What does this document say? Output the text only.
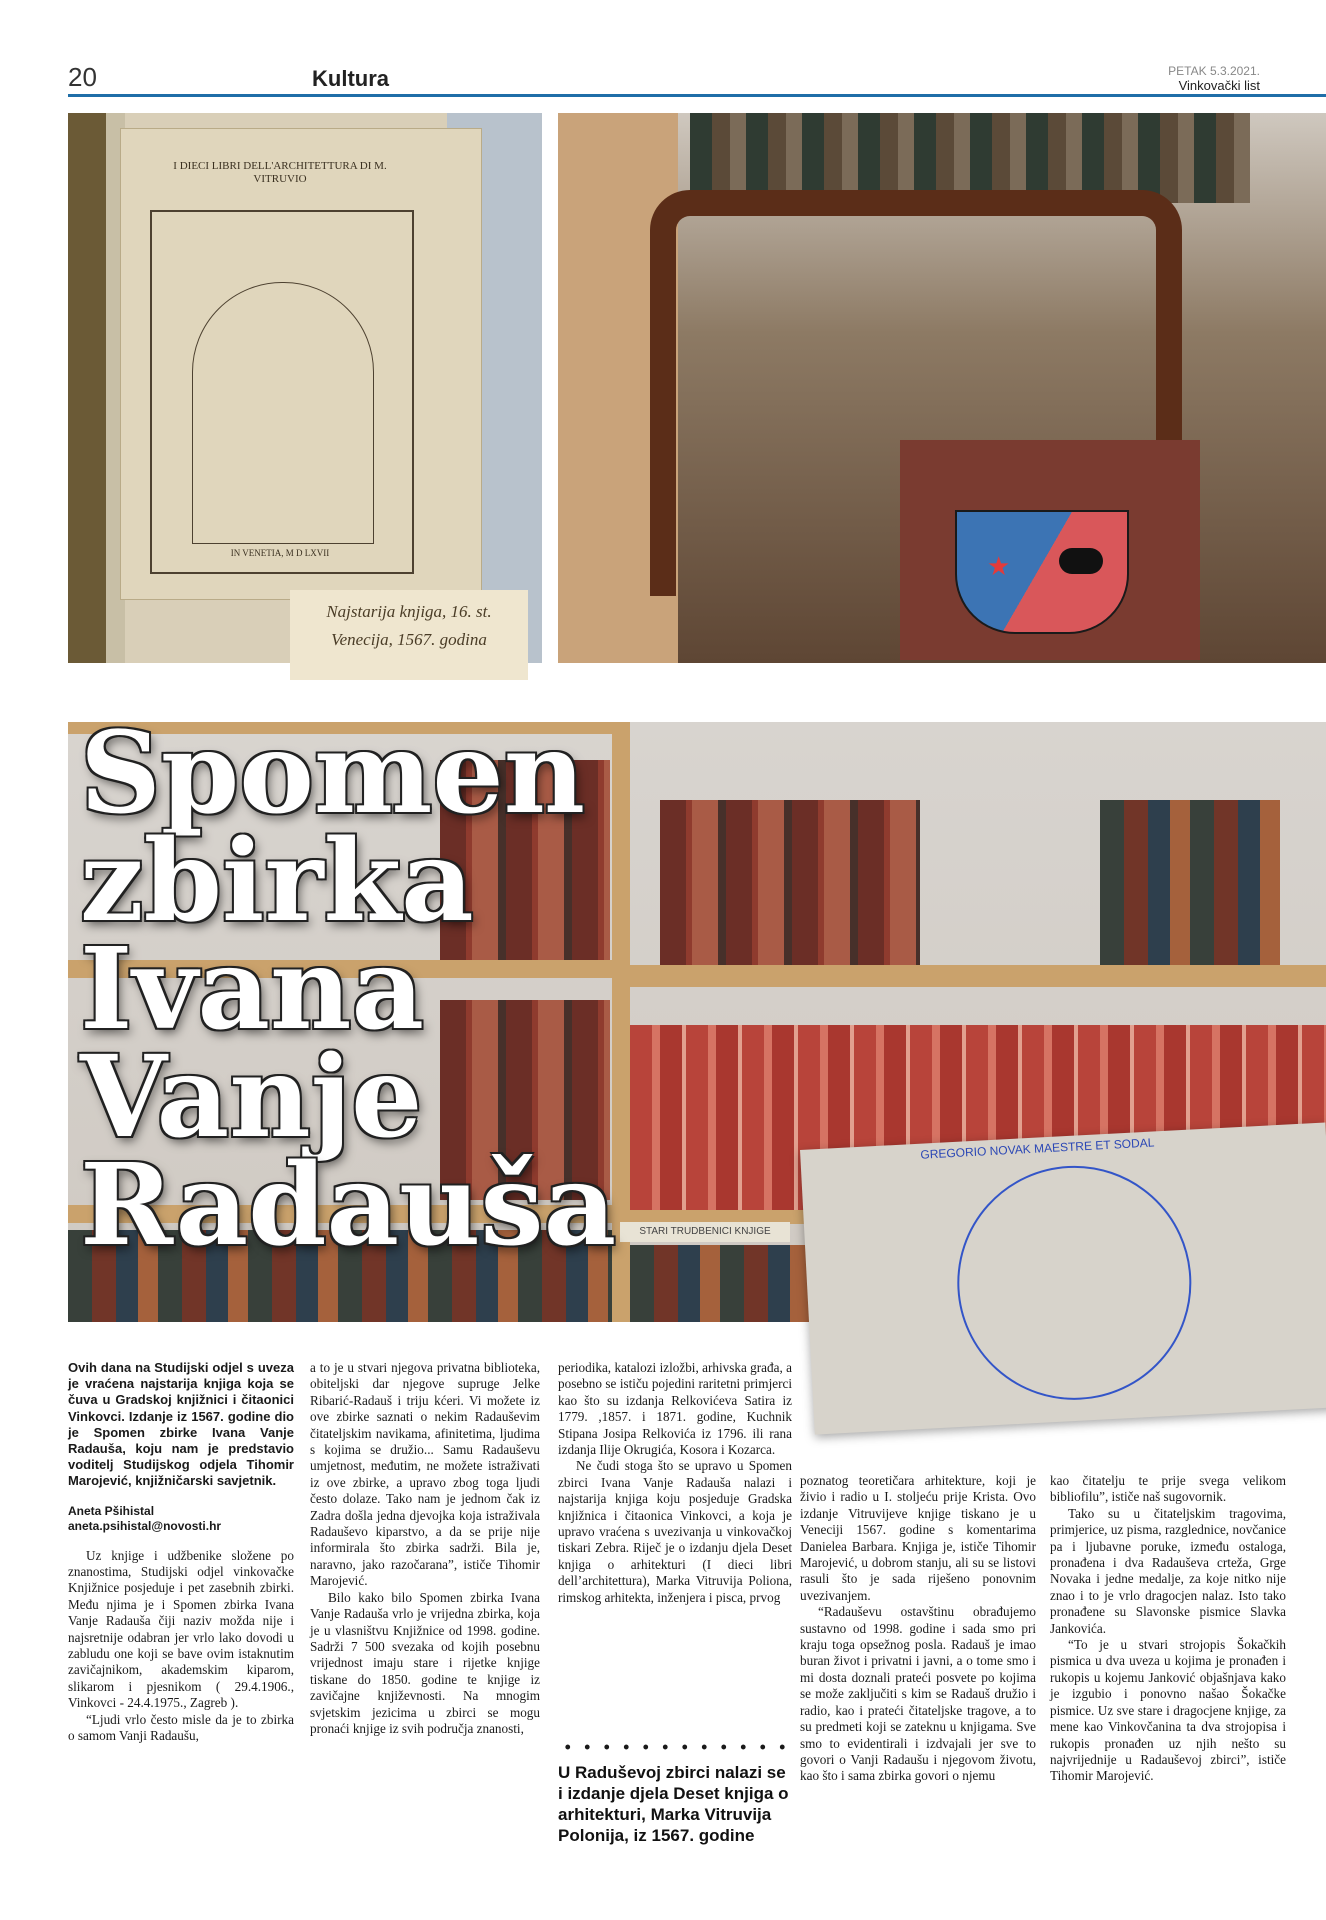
20	Kultura	PETAK 5.3.2021.
Vinkovački list
I DIECI LIBRI DELL'ARCHITETTURA DI M. VITRUVIO
IN VENETIA, M D LXVII
Najstarija knjiga, 16. st.
Venecija, 1567. godina
★
STARI TRUDBENICI KNJIGE
GREGORIO NOVAK MAESTRE ET SODAL
Spomen
zbirka
Ivana
Vanje
Radauša

Ovih dana na Studijski odjel s uveza je vraćena najstarija knjiga koja se čuva u Gradskoj knjižnici i čitaonici Vinkovci. Izdanje iz 1567. godine dio je Spomen zbirke Ivana Vanje Radauša, koju nam je predstavio voditelj Studijskog odjela Tihomir Marojević, knjižničarski savjetnik.

Aneta Pšihistal
aneta.psihistal@novosti.hr

Uz knjige i udžbenike složene po znanostima, Studijski odjel vinkovačke Knjižnice posjeduje i pet zasebnih zbirki. Među njima je i Spomen zbirka Ivana Vanje Radauša čiji naziv možda nije i najsretnije odabran jer vrlo lako dovodi u zabludu one koji se bave ovim istaknutim zavičajnikom, akademskim kiparom, slikarom i pjesnikom ( 29.4.1906., Vinkovci - 24.4.1975., Zagreb ).

“Ljudi vrlo često misle da je to zbirka o samom Vanji Radaušu,

a to je u stvari njegova privatna biblioteka, obiteljski dar njegove supruge Jelke Ribarić-Radauš i triju kćeri. Vi možete iz ove zbirke saznati o nekim Radauševim čitateljskim navikama, afinitetima, ljudima s kojima se družio... Samu Radauševu umjetnost, međutim, ne možete istraživati iz ove zbirke, a upravo zbog toga ljudi često dolaze. Tako nam je jednom čak iz Zadra došla jedna djevojka koja istraživala Radauševo kiparstvo, a da se prije nije informirala što zbirka sadrži. Bila je, naravno, jako razočarana”, ističe Tihomir Marojević.

Bilo kako bilo Spomen zbirka Ivana Vanje Radauša vrlo je vrijedna zbirka, koja je u vlasništvu Knjižnice od 1998. godine. Sadrži 7 500 svezaka od kojih posebnu vrijednost imaju stare i rijetke knjige tiskane do 1850. godine te knjige iz zavičajne književnosti. Na mnogim svjetskim jezicima u zbirci se mogu pronaći knjige iz svih područja znanosti,

periodika, katalozi izložbi, arhivska građa, a posebno se ističu pojedini raritetni primjerci kao što su izdanja Relkovićeva Satira iz 1779. ,1857. i 1871. godine, Kuchnik Stipana Josipa Relkovića iz 1796. ili rana izdanja Ilije Okrugića, Kosora i Kozarca.

Ne čudi stoga što se upravo u Spomen zbirci Ivana Vanje Radauša nalazi i najstarija knjiga koju posjeduje Gradska knjižnica i čitaonica Vinkovci, a koja je upravo vraćena s uvezivanja u vinkovačkoj tiskari Zebra. Riječ je o izdanju djela Deset knjiga o arhitekturi (I dieci libri dell’architettura), Marka Vitruvija Poliona, rimskog arhitekta, inženjera i pisca, prvog

U Raduševoj zbirci nalazi se i izdanje djela Deset knjiga o arhitekturi, Marka Vitruvija Polonija, iz 1567. godine

poznatog teoretičara arhitekture, koji je živio i radio u I. stoljeću prije Krista. Ovo izdanje Vitruvijeve knjige tiskano je u Veneciji 1567. godine s komentarima Danielea Barbara. Knjiga je, ističe Tihomir Marojević, u dobrom stanju, ali su se listovi rasuli što je sada riješeno ponovnim uvezivanjem.

“Radauševu ostavštinu obrađujemo sustavno od 1998. godine i sada smo pri kraju toga opsežnog posla. Radauš je imao buran život i privatni i javni, a o tome smo i mi dosta doznali prateći posvete po kojima se može zaključiti s kim se Radauš družio i radio, kao i prateći čitateljske tragove, a to su predmeti koji se zateknu u knjigama. Sve smo to evidentirali i izdvajali jer sve to govori o Vanji Radaušu i njegovom životu, kao što i sama zbirka govori o njemu

kao čitatelju te prije svega velikom bibliofilu”, ističe naš sugovornik.

Tako su u čitateljskim tragovima, primjerice, uz pisma, razglednice, novčanice pa i ljubavne poruke, između ostaloga, pronađena i dva Radauševa crteža, Grge Novaka i jedne medalje, za koje nitko nije znao i to je vrlo dragocjen nalaz. Isto tako pronađene su Slavonske pismice Slavka Jankovića.

“To je u stvari strojopis Šokačkih pismica u dva uveza u kojima je pronađen i rukopis u kojemu Janković objašnjava kako je izgubio i ponovno našao Šokačke pismice. Uz sve stare i dragocjene knjige, za mene kao Vinkovčanina ta dva strojopisa i rukopis pronađen uz njih nešto su najvrijednije u Radauševoj zbirci”, ističe Tihomir Marojević.
